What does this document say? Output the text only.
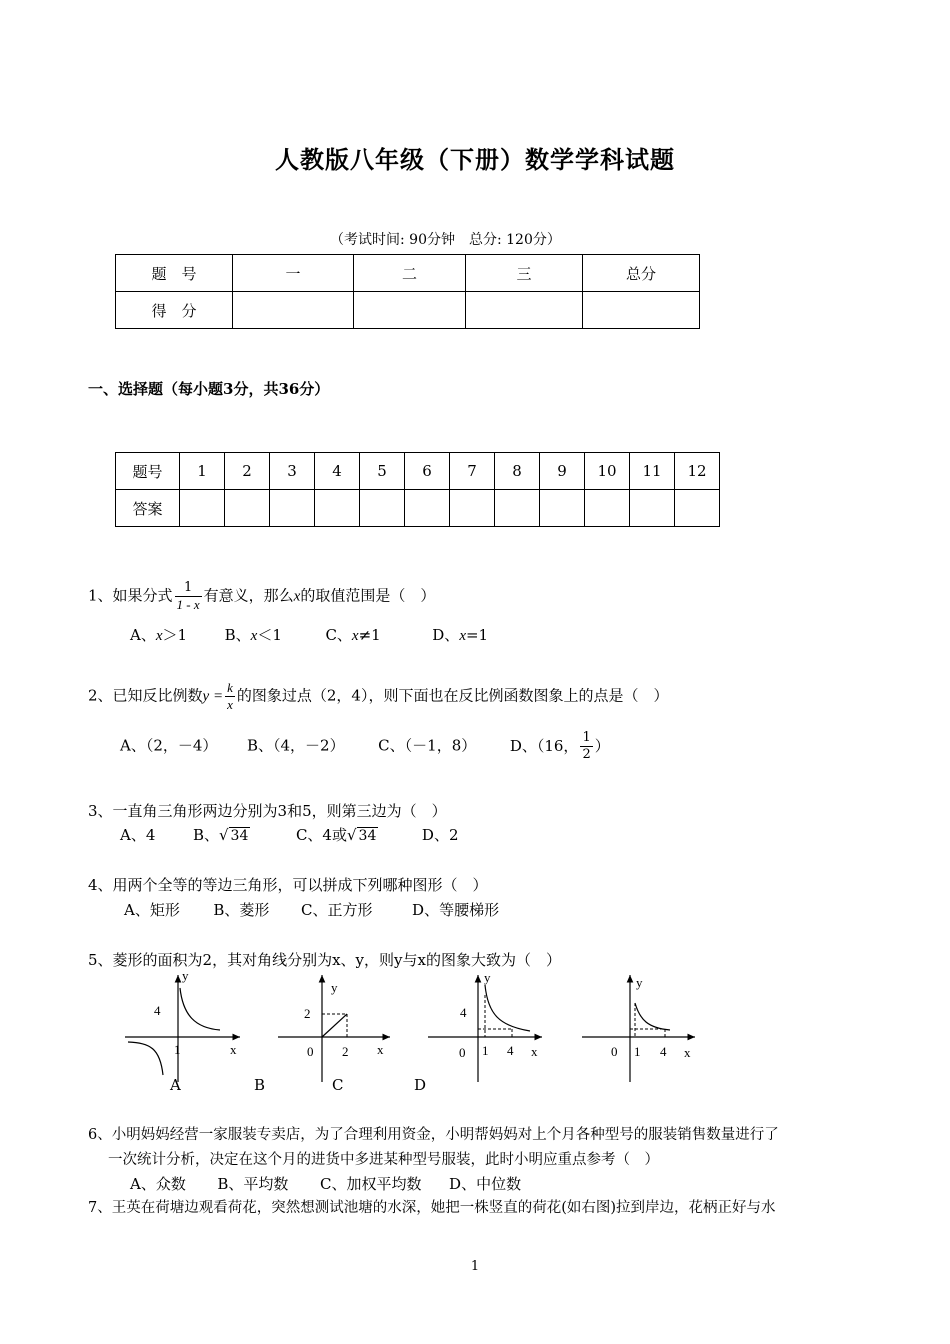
人教版八年级（下册）数学学科试题
（考试时间: 90分钟　总分: 120分）
题　号	一	二	三	总分
得　分				
一、选择题（每小题3分，共36分）
题号	1	2	3	4	5	6	7	8	9	10	11	12
答案												
1、如果分式 $\frac{1}{1 - x}$ 有意义，那么x的取值范围是（　）
A、x＞1	B、x＜1	C、x≠1	D、x=1
2、已知反比例数$y = \frac{k}{x}$ 的图象过点（2，4），则下面也在反比例函数图象上的点是（　）
A、（2，－4） B、（4，－2） C、（－1，8） D、（16， $\frac{1}{2}$ ）
3、一直角三角形两边分别为3和5，则第三边为（　）
A、4	B、√ 34	C、4或√ 34	D、2
4、用两个全等的等边三角形，可以拼成下列哪种图形（　）
A、矩形 B、菱形 C、正方形	D、等腰梯形
5、菱形的面积为2，其对角线分别为x、y，则y与x的图象大致为（　）
y
x
4
1
y
x
2
0 2
y
x
4
0 1 4
y
x
0 1 4
A	B	C	D
6、小明妈妈经营一家服装专卖店，为了合理利用资金，小明帮妈妈对上个月各种型号的服装销售数量进行了
一次统计分析，决定在这个月的进货中多进某种型号服装，此时小明应重点参考（　）
A、众数 B、平均数 C、加权平均数 D、中位数
7、王英在荷塘边观看荷花，突然想测试池塘的水深，她把一株竖直的荷花(如右图)拉到岸边，花柄正好与水
1
